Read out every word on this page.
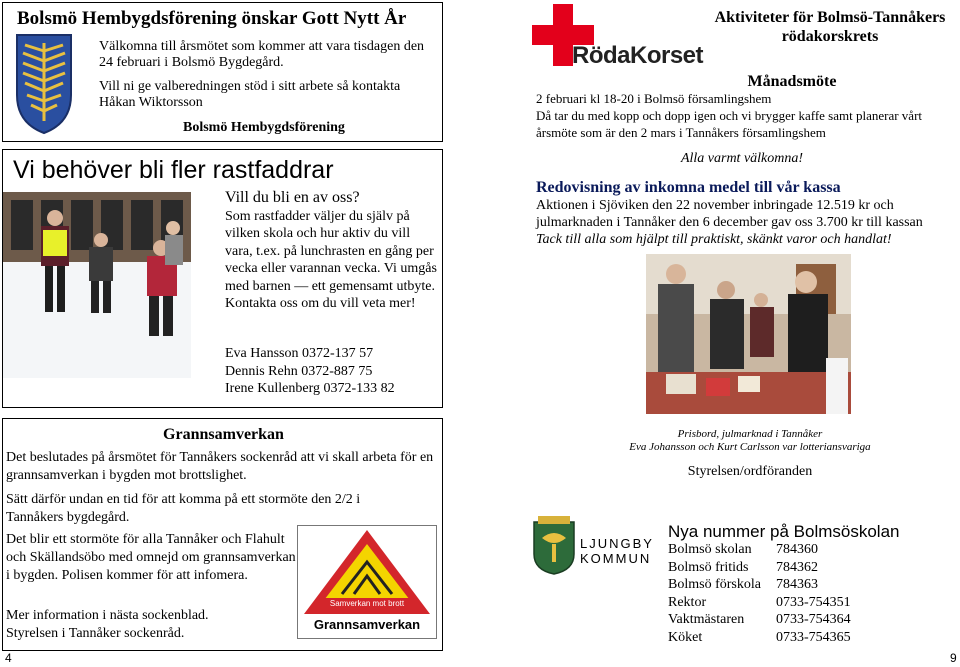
Bolsmö Hembygdsförening önskar Gott Nytt År

Välkomna till årsmötet som kommer att vara tisdagen den 24 februari i Bolsmö Bygdegård.

Vill ni ge valberedningen stöd i sitt arbete så kontakta Håkan Wiktorsson

Bolsmö Hembygdsförening

Vi behöver bli fler rastfaddrar

Vill du bli en av oss?

Som rastfadder väljer du själv på vilken skola och hur aktiv du vill vara, t.ex. på lunchrasten en gång per vecka eller varannan vecka. Vi umgås med barnen — ett gemensamt utbyte. Kontakta oss om du vill veta mer!

Eva Hansson 0372-137 57

Dennis Rehn 0372-887 75

Irene Kullenberg 0372-133 82

Grannsamverkan

Det beslutades på årsmötet för Tannåkers sockenråd att vi skall arbeta för en grannsamverkan i bygden mot brottslighet.

Sätt därför undan en tid för att komma på ett stormöte den 2/2 i Tannåkers bygdegård.

Det blir ett stormöte för alla Tannåker och Flahult och Skällandsöbo med omnejd om grannsamverkan i bygden. Polisen kommer för att infomera.

Mer information i nästa sockenblad.

Styrelsen i Tannåker sockenråd.

Samverkan mot brott
Grannsamverkan

4

RödaKorset

Aktiviteter för Bolmsö-Tannåkers rödakorskrets

Månadsmöte

2 februari kl 18-20 i Bolmsö församlingshem

Då tar du med kopp och dopp igen och vi brygger kaffe samt planerar vårt årsmöte som är den 2 mars i Tannåkers församlingshem

Alla varmt välkomna!

Redovisning av inkomna medel till vår kassa

Aktionen i Sjöviken den 22 november inbringade 12.519 kr och julmarknaden i Tannåker den 6 december gav oss 3.700 kr till kassan

Tack till alla som hjälpt till praktiskt, skänkt varor och handlat!

Prisbord, julmarknad i Tannåker

Eva Johansson och Kurt Carlsson var lotteriansvariga

Styrelsen/ordföranden

LJUNGBY
KOMMUN

Nya nummer på Bolmsöskolan

Bolmsö skolan	784360
Bolmsö fritids	784362
Bolmsö förskola	784363
Rektor	0733-754351
Vaktmästaren	0733-754364
Köket	0733-754365

9
